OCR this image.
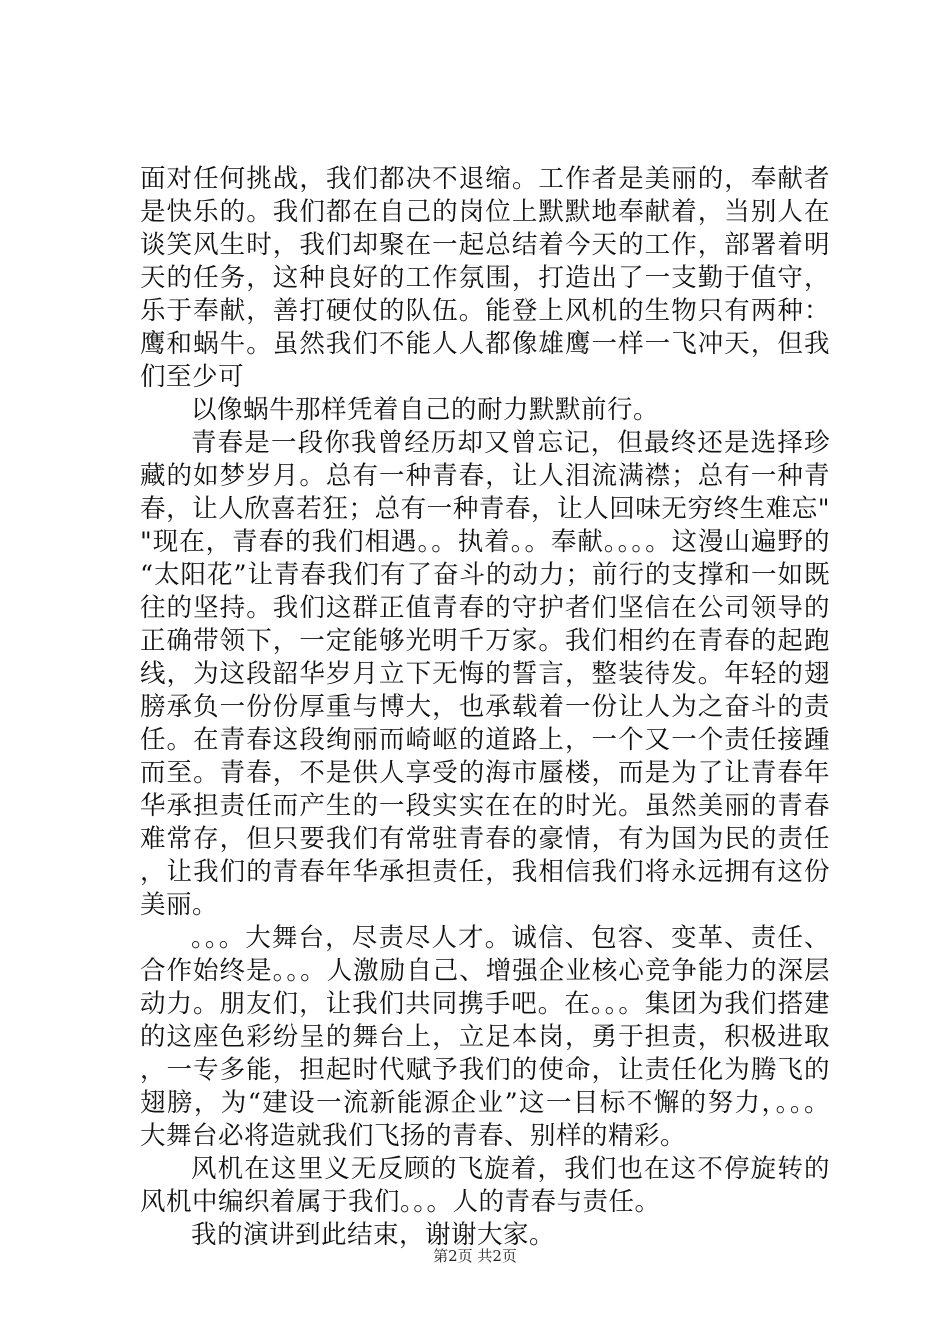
面对任何挑战，我们都决不退缩。工作者是美丽的，奉献者是快乐的。我们都在自己的岗位上默默地奉献着，当别人在谈笑风生时，我们却聚在一起总结着今天的工作，部署着明天的任务，这种良好的工作氛围，打造出了一支勤于值守，乐于奉献，善打硬仗的队伍。能登上风机的生物只有两种：鹰和蜗牛。虽然我们不能人人都像雄鹰一样一飞冲天，但我们至少可

以像蜗牛那样凭着自己的耐力默默前行。

青春是一段你我曾经历却又曾忘记，但最终还是选择珍藏的如梦岁月。总有一种青春，让人泪流满襟；总有一种青春，让人欣喜若狂；总有一种青春，让人回味无穷终生难忘""现在，青春的我们相遇。。执着。。奉献。。。。这漫山遍野的“太阳花”让青春我们有了奋斗的动力；前行的支撑和一如既往的坚持。我们这群正值青春的守护者们坚信在公司领导的正确带领下，一定能够光明千万家。我们相约在青春的起跑线，为这段韶华岁月立下无悔的誓言，整装待发。年轻的翅膀承负一份份厚重与博大，也承载着一份让人为之奋斗的责任。在青春这段绚丽而崎岖的道路上，一个又一个责任接踵而至。青春，不是供人享受的海市蜃楼，而是为了让青春年华承担责任而产生的一段实实在在的时光。虽然美丽的青春难常存，但只要我们有常驻青春的豪情，有为国为民的责任，让我们的青春年华承担责任，我相信我们将永远拥有这份美丽。

。。。大舞台，尽责尽人才。诚信、包容、变革、责任、合作始终是。。。人激励自己、增强企业核心竞争能力的深层动力。朋友们，让我们共同携手吧。在。。。集团为我们搭建的这座色彩纷呈的舞台上，立足本岗，勇于担责，积极进取，一专多能，担起时代赋予我们的使命，让责任化为腾飞的翅膀，为“建设一流新能源企业”这一目标不懈的努力，。。。大舞台必将造就我们飞扬的青春、别样的精彩。

风机在这里义无反顾的飞旋着，我们也在这不停旋转的风机中编织着属于我们。。。人的青春与责任。

我的演讲到此结束，谢谢大家。

第2页 共2页
